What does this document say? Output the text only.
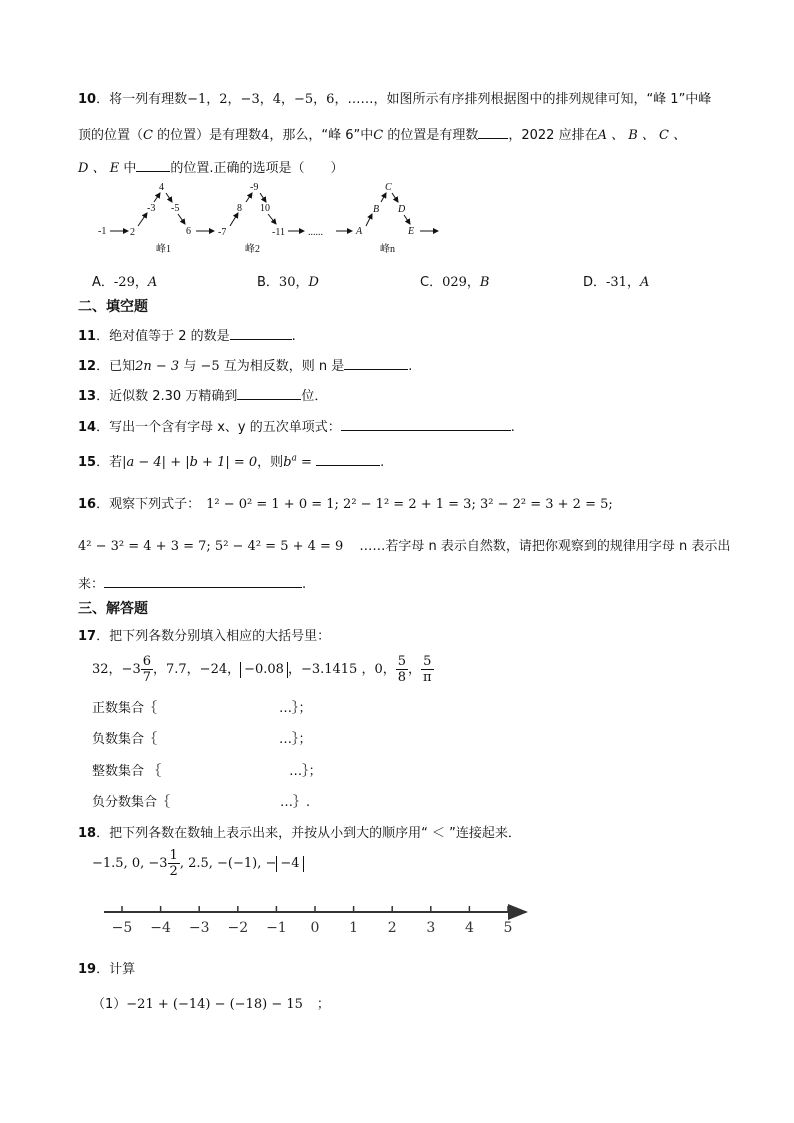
10．将一列有理数−1，2，−3，4，−5，6，……，如图所示有序排列根据图中的排列规律可知，“峰 1”中峰
顶的位置（C 的位置）是有理数4，那么，“峰 6”中C 的位置是有理数 ，2022 应排在A 、 B 、 C 、
D 、 E 中	的位置.正确的选项是（　　）
-1 2
-3
4
-5
6
峰1
-7
8
-9
10
-11
峰2
......	A
B
C
D
E
峰n
A．-29，A	B．30，D	C．029，B	D．-31，A
二、填空题
11．绝对值等于 2 的数是	.
12．已知2n − 3 与 −5 互为相反数，则 n 是	.
13．近似数 2.30 万精确到	位．
14．写出一个含有字母 x、y 的五次单项式：	.
15．若|a − 4| + |b + 1| = 0，则$b^a$ =	.
16．观察下列式子： 1² − 0² = 1 + 0 = 1; 2² − 1² = 2 + 1 = 3; 3² − 2² = 3 + 2 = 5;
4² − 3² = 4 + 3 = 7; 5² − 4² = 5 + 4 = 9 ……若字母 n 表示自然数，请把你观察到的规律用字母 n 表示出
来：	.
三、解答题
17．把下列各数分别填入相应的大括号里：
32，$-3 \frac{6}{7}$ ，7.7，−24， −0.08 ，−3.1415 ，0， $\frac{5}{8}$ ， $\frac{5}{\pi}$
正数集合｛	…｝；
负数集合｛	…｝；
整数集合 ｛	…｝；
负分数集合｛	…｝.
18．把下列各数在数轴上表示出来，并按从小到大的顺序用“ ＜ ”连接起来．
−1.5, 0, $-3 \frac{1}{2}$ , 2.5, −(−1), − −4
−5 −4 −3 −2 −1 0 1 2 3 4 5
19．计算
（1）−21 + (−14) − (−18) − 15 ；
